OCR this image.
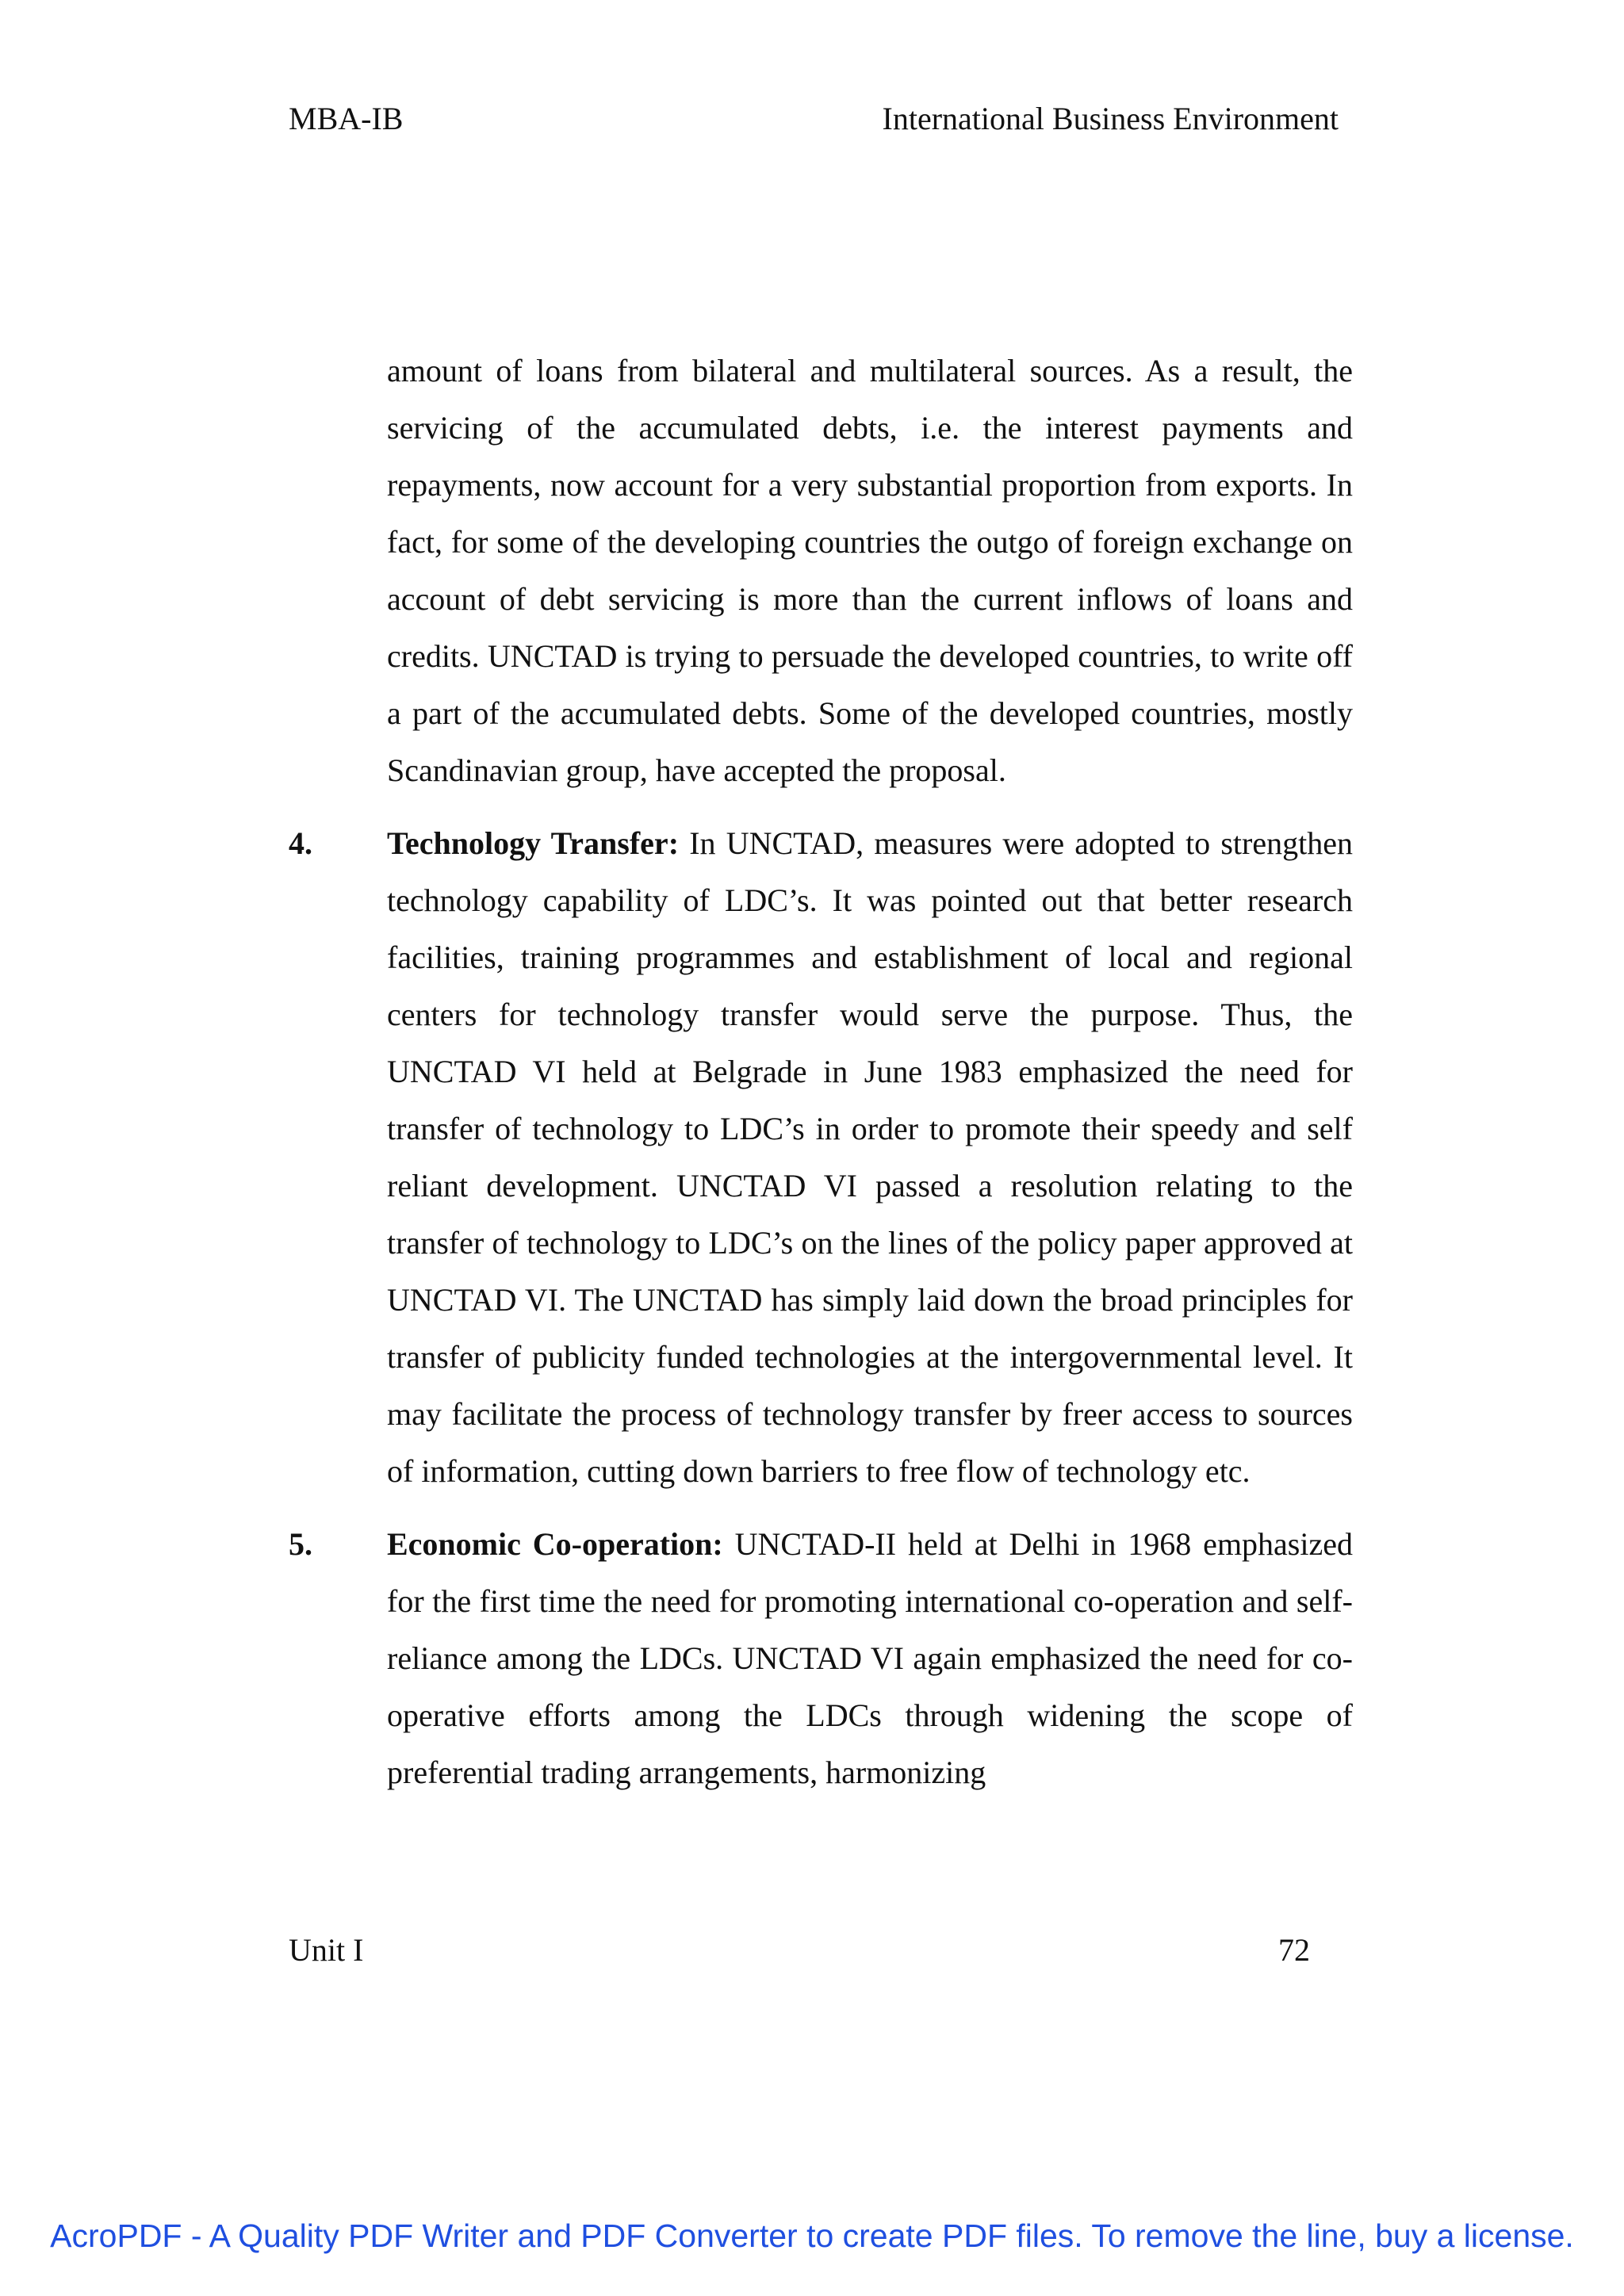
MBA-IB	International Business Environment

amount of loans from bilateral and multilateral sources. As a result, the servicing of the accumulated debts, i.e. the interest payments and repayments, now account for a very substantial proportion from exports. In fact, for some of the developing countries the outgo of foreign exchange on account of debt servicing is more than the current inflows of loans and credits. UNCTAD is trying to persuade the developed countries, to write off a part of the accumulated debts. Some of the developed countries, mostly Scandinavian group, have accepted the proposal.

4. Technology Transfer: In UNCTAD, measures were adopted to strengthen technology capability of LDC’s. It was pointed out that better research facilities, training programmes and establishment of local and regional centers for technology transfer would serve the purpose. Thus, the UNCTAD VI held at Belgrade in June 1983 emphasized the need for transfer of technology to LDC’s in order to promote their speedy and self reliant development. UNCTAD VI passed a resolution relating to the transfer of technology to LDC’s on the lines of the policy paper approved at UNCTAD VI. The UNCTAD has simply laid down the broad principles for transfer of publicity funded technologies at the intergovernmental level. It may facilitate the process of technology transfer by freer access to sources of information, cutting down barriers to free flow of technology etc.

5. Economic Co-operation: UNCTAD-II held at Delhi in 1968 emphasized for the first time the need for promoting international co-operation and self-reliance among the LDCs. UNCTAD VI again emphasized the need for co-operative efforts among the LDCs through widening the scope of preferential trading arrangements, harmonizing

Unit I	72
AcroPDF - A Quality PDF Writer and PDF Converter to create PDF files. To remove the line, buy a license.
